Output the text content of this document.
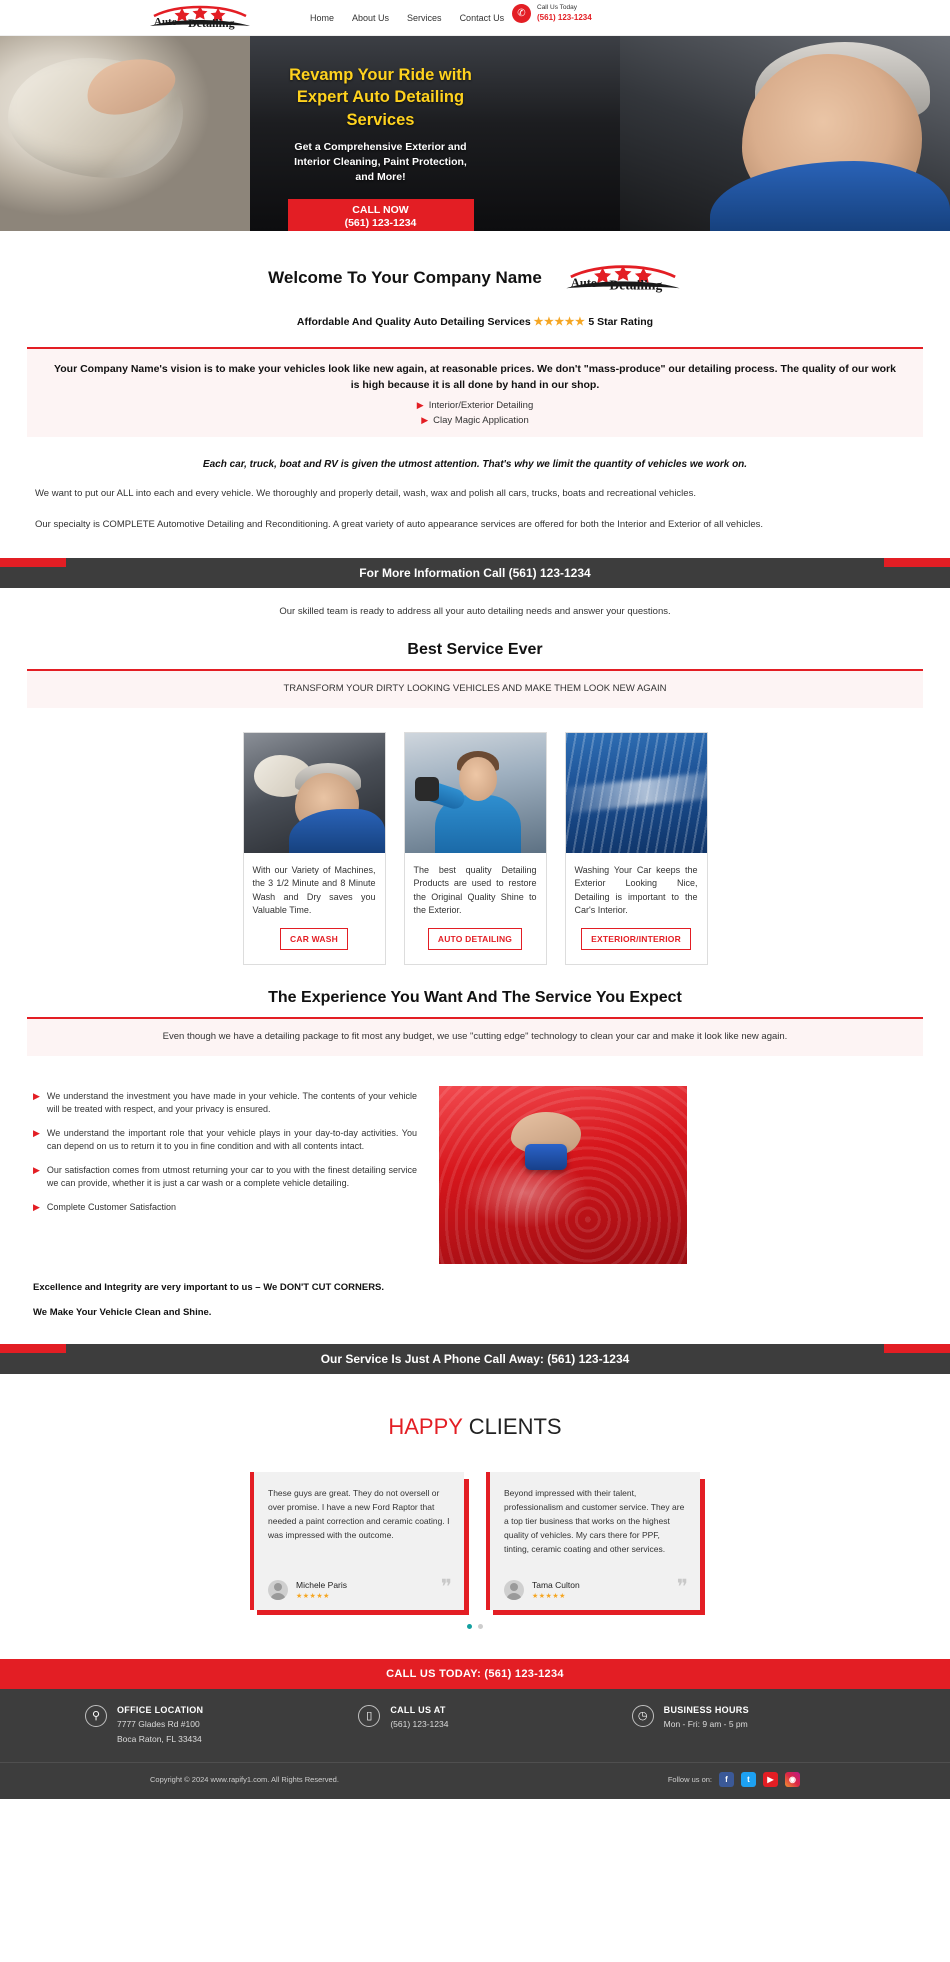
Auto Detailing	Home About Us Services Contact Us	✆
Call Us Today
(561) 123-1234
Revamp Your Ride with Expert Auto Detailing Services
Get a Comprehensive Exterior and Interior Cleaning, Paint Protection, and More!
CALL NOW
(561) 123-1234
Welcome To Your Company Name	Auto Detailing
Affordable And Quality Auto Detailing Services ★★★★★ 5 Star Rating
Your Company Name's vision is to make your vehicles look like new again, at reasonable prices. We don't "mass-produce" our detailing process. The quality of our work is high because it is all done by hand in our shop.
▶ Interior/Exterior Detailing
▶ Clay Magic Application
Each car, truck, boat and RV is given the utmost attention. That's why we limit the quantity of vehicles we work on.
We want to put our ALL into each and every vehicle. We thoroughly and properly detail, wash, wax and polish all cars, trucks, boats and recreational vehicles.
Our specialty is COMPLETE Automotive Detailing and Reconditioning. A great variety of auto appearance services are offered for both the Interior and Exterior of all vehicles.
For More Information Call (561) 123-1234
Our skilled team is ready to address all your auto detailing needs and answer your questions.
Best Service Ever
TRANSFORM YOUR DIRTY LOOKING VEHICLES AND MAKE THEM LOOK NEW AGAIN
With our Variety of Machines, the 3 1/2 Minute and 8 Minute Wash and Dry saves you Valuable Time.
CAR WASH
The best quality Detailing Products are used to restore the Original Quality Shine to the Exterior.
AUTO DETAILING
Washing Your Car keeps the Exterior Looking Nice, Detailing is important to the Car's Interior.
EXTERIOR/INTERIOR
The Experience You Want And The Service You Expect
Even though we have a detailing package to fit most any budget, we use "cutting edge" technology to clean your car and make it look like new again.
▶ We understand the investment you have made in your vehicle. The contents of your vehicle will be treated with respect, and your privacy is ensured.
▶ We understand the important role that your vehicle plays in your day-to-day activities. You can depend on us to return it to you in fine condition and with all contents intact.
▶ Our satisfaction comes from utmost returning your car to you with the finest detailing service we can provide, whether it is just a car wash or a complete vehicle detailing.
▶ Complete Customer Satisfaction
Excellence and Integrity are very important to us – We DON'T CUT CORNERS.
We Make Your Vehicle Clean and Shine.
Our Service Is Just A Phone Call Away: (561) 123-1234
HAPPY CLIENTS
These guys are great. They do not oversell or over promise. I have a new Ford Raptor that needed a paint correction and ceramic coating. I was impressed with the outcome.
Michele Paris
★★★★★	❞
Beyond impressed with their talent, professionalism and customer service. They are a top tier business that works on the highest quality of vehicles. My cars there for PPF, tinting, ceramic coating and other services.
Tama Culton
★★★★★	❞
CALL US TODAY: (561) 123-1234
⚲
OFFICE LOCATION
7777 Glades Rd #100
Boca Raton, FL 33434
▯
CALL US AT
(561) 123-1234
◷
BUSINESS HOURS
Mon - Fri: 9 am - 5 pm
Copyright © 2024 www.rapify1.com. All Rights Reserved.	Follow us on:	f	t	▶	◉
